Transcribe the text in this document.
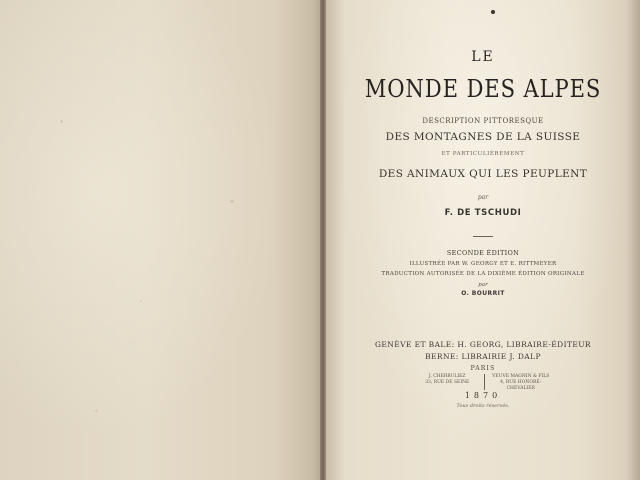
LE
MONDE DES ALPES
DESCRIPTION PITTORESQUE
DES MONTAGNES DE LA SUISSE
ET PARTICULIÈREMENT
DES ANIMAUX QUI LES PEUPLENT
par
F. DE TSCHUDI
SECONDE ÉDITION
ILLUSTRÉE PAR W. GEORGY ET E. RITTMEYER
TRADUCTION AUTORISÉE DE LA DIXIÈME ÉDITION ORIGINALE
par
O. BOURRIT
GENÈVE ET BALE: H. GEORG, LIBRAIRE-ÉDITEUR
BERNE: LIBRAIRIE J. DALP
PARIS
J. CHERBULIEZ
33, RUE DE SEINE
VEUVE MAGNIN & FILS
4, RUE HONORÉ-CHEVALIER
1870
Tous droits réservés.
